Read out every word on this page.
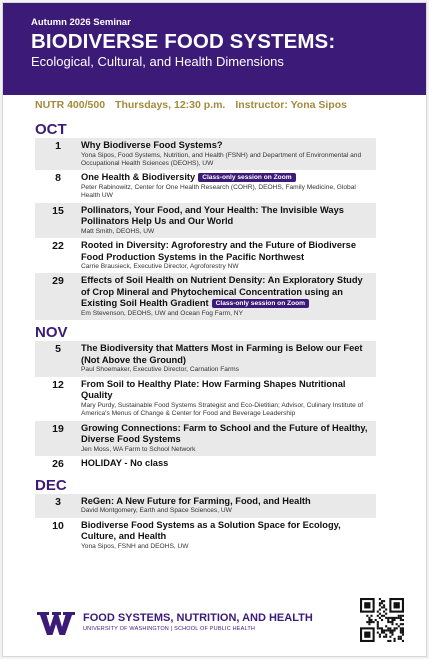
Autumn 2026 Seminar
BIODIVERSE FOOD SYSTEMS:
Ecological, Cultural, and Health Dimensions
NUTR 400/500 Thursdays, 12:30 p.m. Instructor: Yona Sipos
OCT
1	Why Biodiverse Food Systems?
Yona Sipos, Food Systems, Nutrition, and Health (FSNH) and Department of Environmental and Occupational Health Sciences (DEOHS), UW
8	One Health & Biodiversity Class-only session on Zoom
Peter Rabinowitz, Center for One Health Research (COHR), DEOHS, Family Medicine, Global Health UW
15	Pollinators, Your Food, and Your Health: The Invisible Ways Pollinators Help Us and Our World
Matt Smith, DEOHS, UW
22	Rooted in Diversity: Agroforestry and the Future of Biodiverse Food Production Systems in the Pacific Northwest
Carrie Brausieck, Executive Director, Agroforestry NW
29	Effects of Soil Health on Nutrient Density: An Exploratory Study of Crop Mineral and Phytochemical Concentration using an Existing Soil Health Gradient Class-only session on Zoom
Em Stevenson, DEOHS, UW and Ocean Fog Farm, NY
NOV
5	The Biodiversity that Matters Most in Farming is Below our Feet (Not Above the Ground)
Paul Shoemaker, Executive Director, Carnation Farms
12	From Soil to Healthy Plate: How Farming Shapes Nutritional Quality
Mary Purdy, Sustainable Food Systems Strategist and Eco-Dietitian; Advisor, Culinary Institute of America's Menus of Change & Center for Food and Beverage Leadership
19	Growing Connections: Farm to School and the Future of Healthy, Diverse Food Systems
Jen Moss, WA Farm to School Network
26	HOLIDAY - No class
DEC
3	ReGen: A New Future for Farming, Food, and Health
David Montgomery, Earth and Space Sciences, UW
10	Biodiverse Food Systems as a Solution Space for Ecology, Culture, and Health
Yona Sipos, FSNH and DEOHS, UW
FOOD SYSTEMS, NUTRITION, AND HEALTH
UNIVERSITY OF WASHINGTON | SCHOOL OF PUBLIC HEALTH
